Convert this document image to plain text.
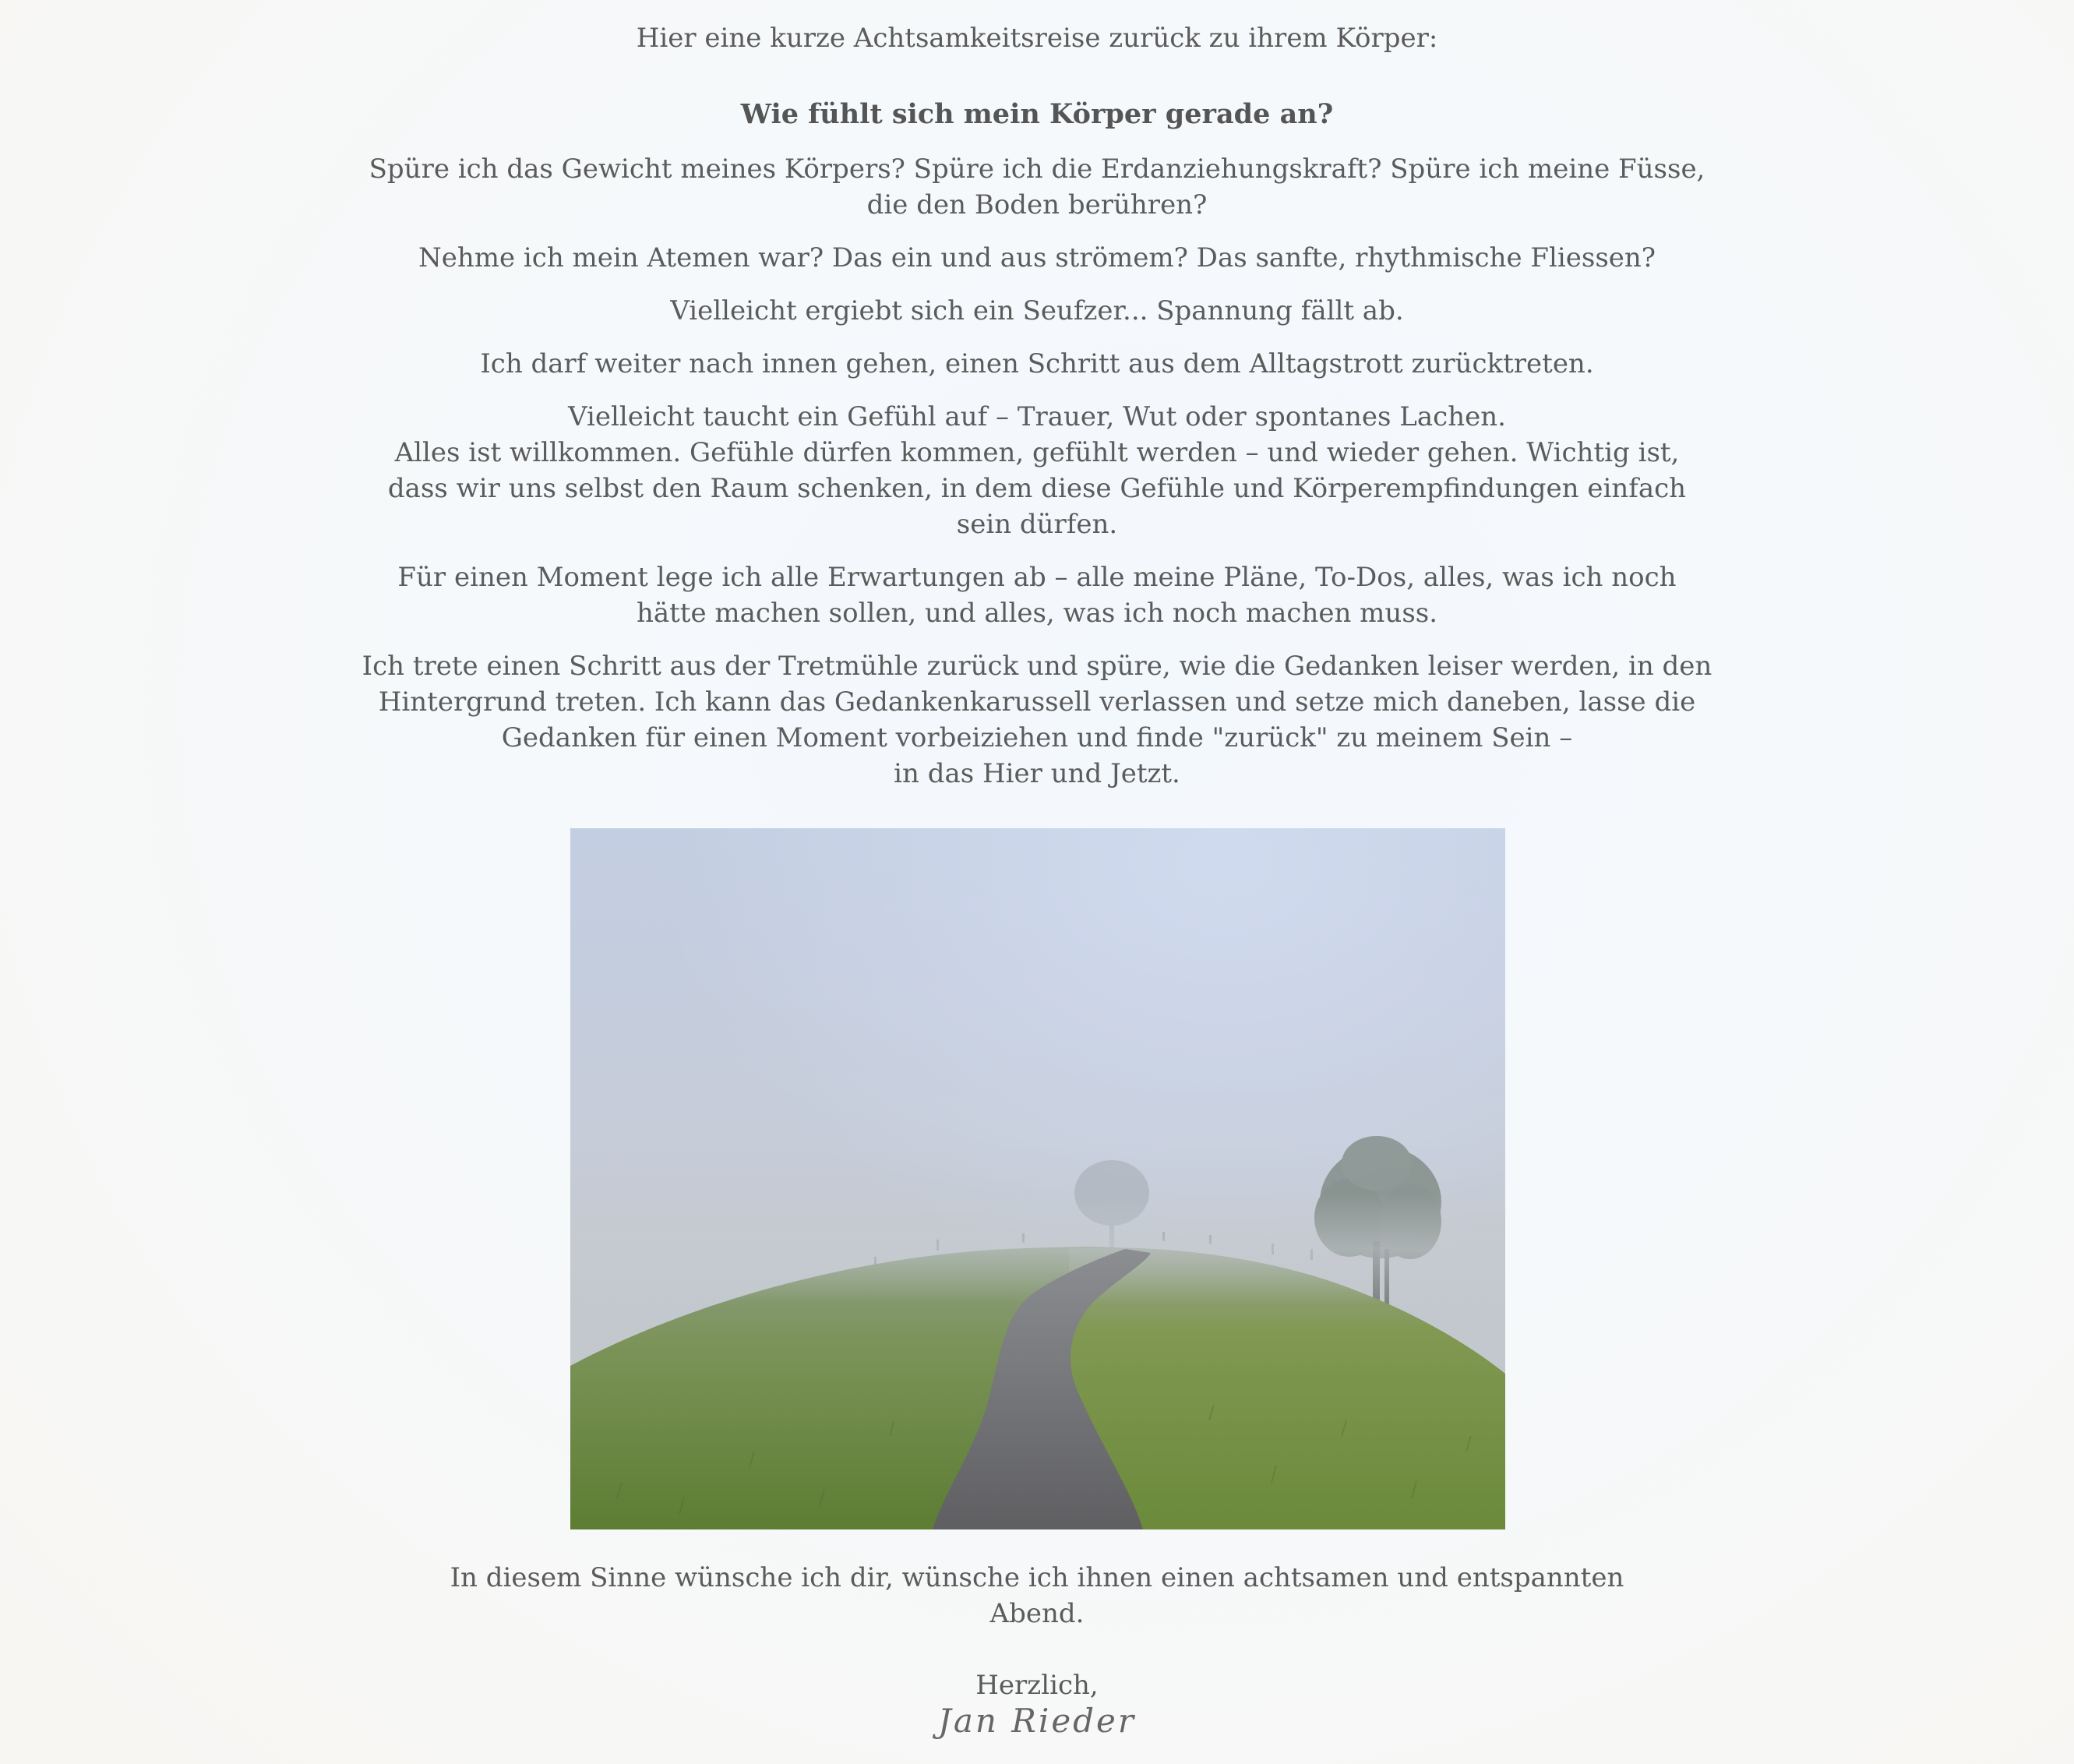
Hier eine kurze Achtsamkeitsreise zurück zu ihrem Körper:

Wie fühlt sich mein Körper gerade an?

Spüre ich das Gewicht meines Körpers? Spüre ich die Erdanziehungskraft? Spüre ich meine Füsse,
die den Boden berühren?

Nehme ich mein Atemen war? Das ein und aus strömem? Das sanfte, rhythmische Fliessen?

Vielleicht ergiebt sich ein Seufzer... Spannung fällt ab.

Ich darf weiter nach innen gehen, einen Schritt aus dem Alltagstrott zurücktreten.

Vielleicht taucht ein Gefühl auf – Trauer, Wut oder spontanes Lachen.
Alles ist willkommen. Gefühle dürfen kommen, gefühlt werden – und wieder gehen. Wichtig ist,
dass wir uns selbst den Raum schenken, in dem diese Gefühle und Körperempfindungen einfach
sein dürfen.

Für einen Moment lege ich alle Erwartungen ab – alle meine Pläne, To-Dos, alles, was ich noch
hätte machen sollen, und alles, was ich noch machen muss.

Ich trete einen Schritt aus der Tretmühle zurück und spüre, wie die Gedanken leiser werden, in den
Hintergrund treten. Ich kann das Gedankenkarussell verlassen und setze mich daneben, lasse die
Gedanken für einen Moment vorbeiziehen und finde "zurück" zu meinem Sein –
in das Hier und Jetzt.

In diesem Sinne wünsche ich dir, wünsche ich ihnen einen achtsamen und entspannten
Abend.

Herzlich,

Jan Rieder
